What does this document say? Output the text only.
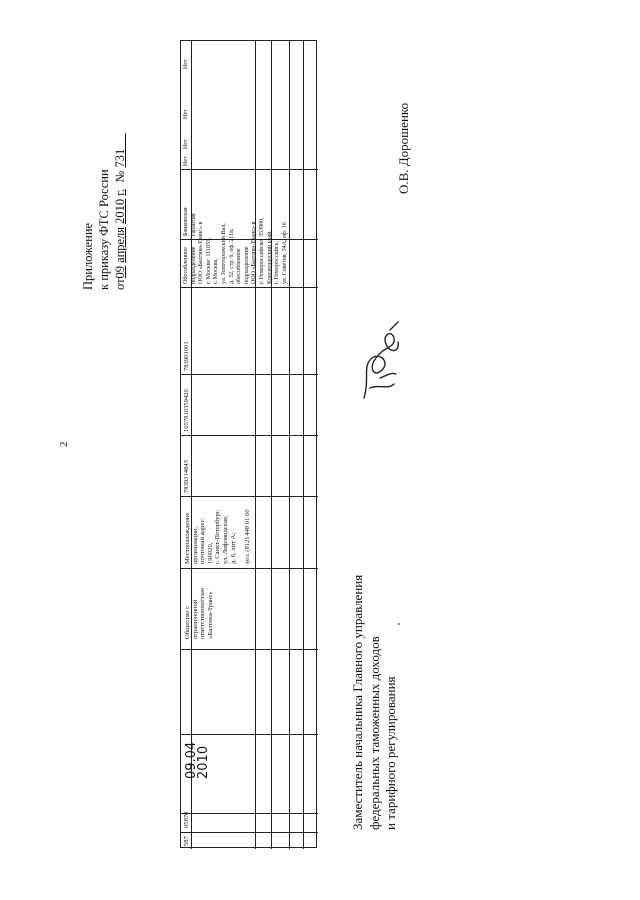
2
Приложение к приказу ФТС России от09 апреля 2010 г.  № 731
587
05870
09.04
2010
Общество с ограниченной ответственностью «Балтика-Транс»
Местонахождение организации, почтовый адрес: 190020, г. Санкт-Петербург, ул. Лифляндская, д. 6, лит А; тел. (812) 448 01 60
7839314843
1057810359420
783901001
Обособленное подразделение ООО «Балтика-Транс» в г. Москве: 111033, г. Москва, ул. Золоторожский Вал, д. 32, стр. 6, оф. 211в; обособленное подразделение ООО «Балтика-Транс» в г. Новороссийске: 353900, Краснодарский край, г. Новороссийск, ул. Советов, 34А, оф. 16
Банковская гарантия
Нет
Нет
Нет
Нет
Заместитель начальника Главного управления федеральных таможенных доходов и тарифного регулирования
О.В. Дорошенко
